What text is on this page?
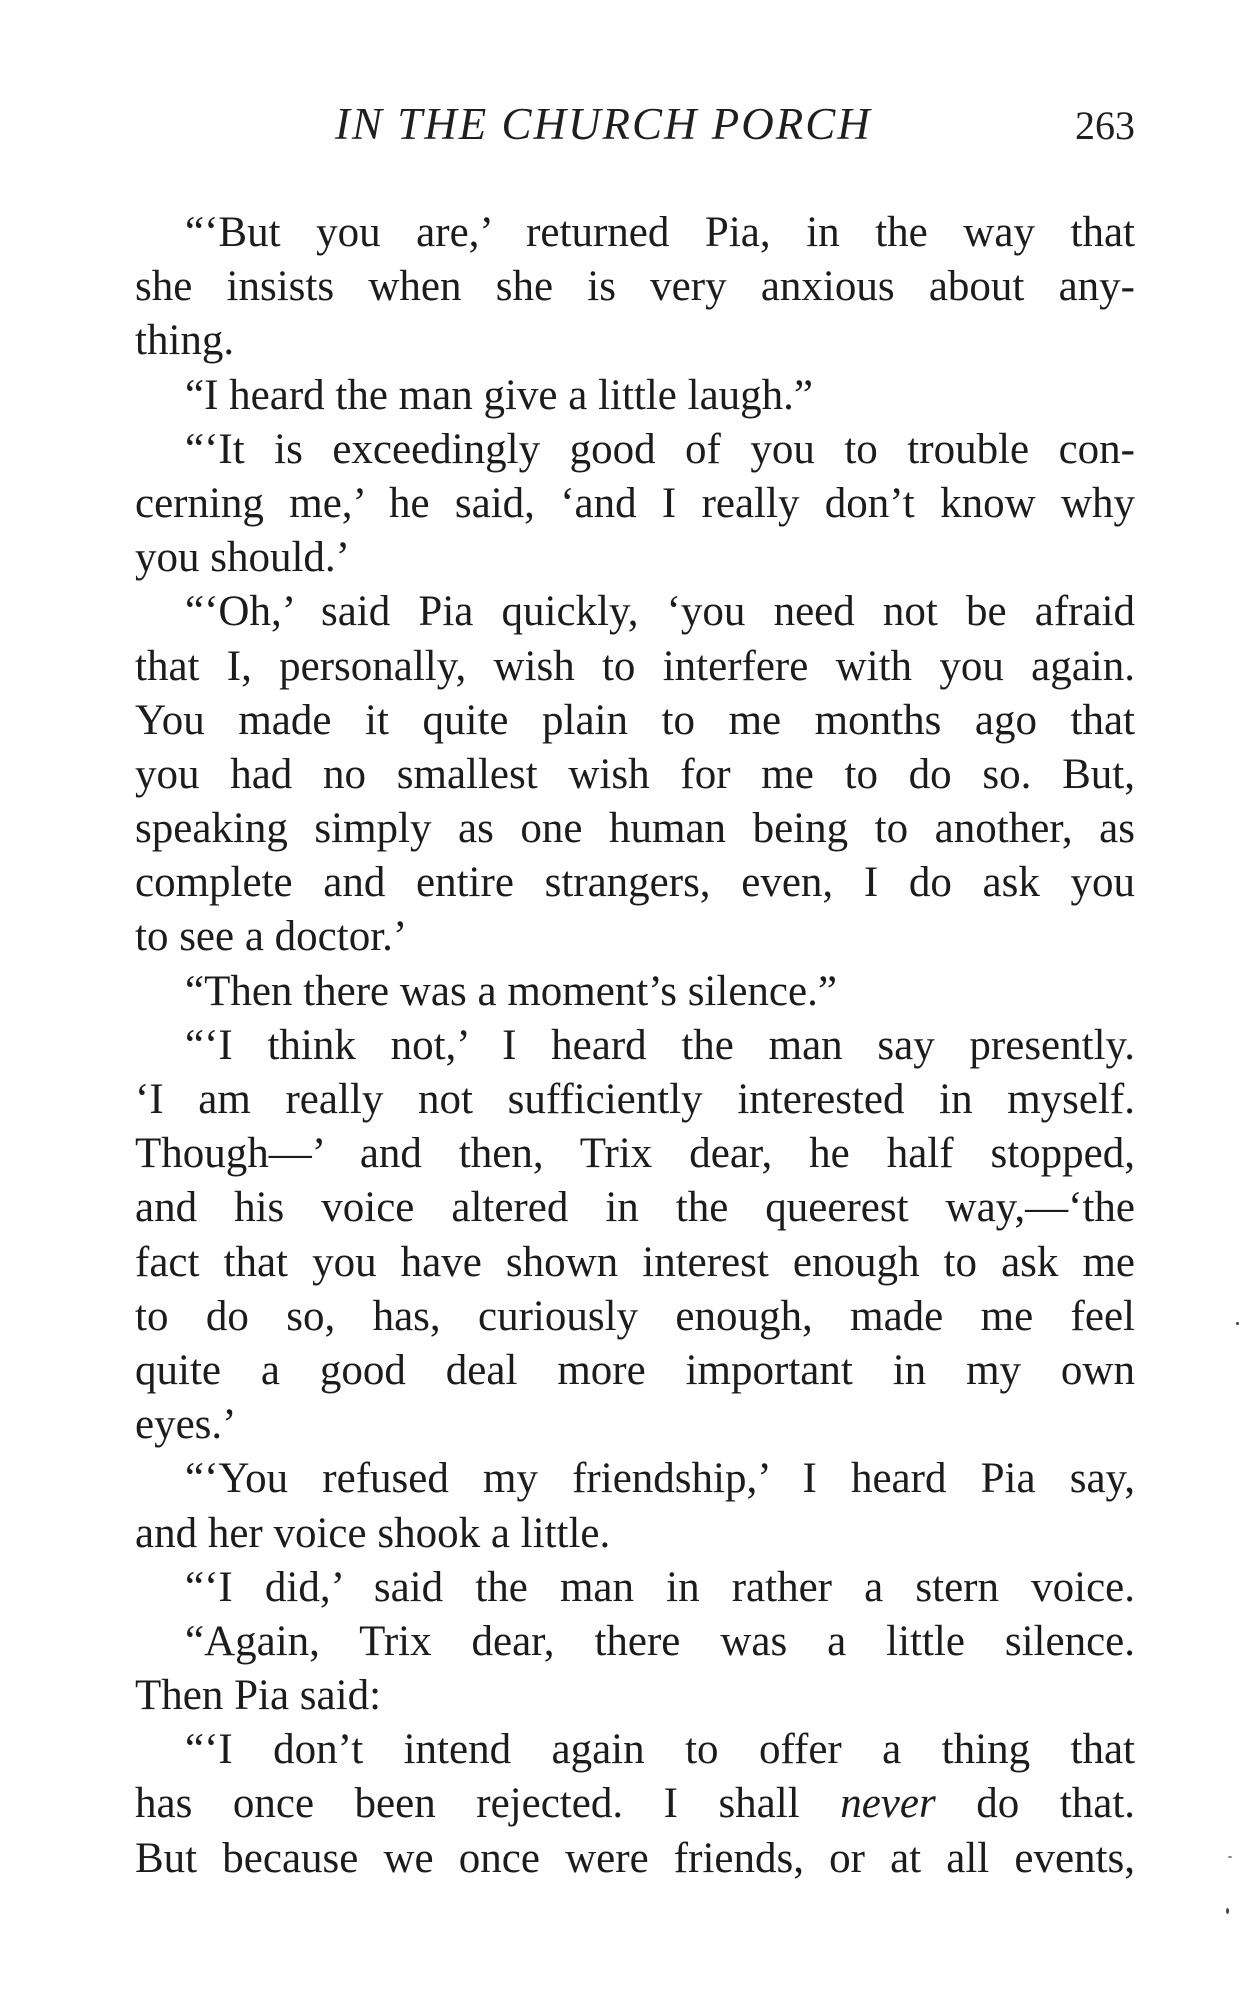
IN THE CHURCH PORCH	263
“‘But you are,’ returned Pia, in the way that
she insists when she is very anxious about any-
thing.
“I heard the man give a little laugh.”
“‘It is exceedingly good of you to trouble con-
cerning me,’ he said, ‘and I really don’t know why
you should.’
“‘Oh,’ said Pia quickly, ‘you need not be afraid
that I, personally, wish to interfere with you again.
You made it quite plain to me months ago that
you had no smallest wish for me to do so. But,
speaking simply as one human being to another, as
complete and entire strangers, even, I do ask you
to see a doctor.’
“Then there was a moment’s silence.”
“‘I think not,’ I heard the man say presently.
‘I am really not sufficiently interested in myself.
Though—’ and then, Trix dear, he half stopped,
and his voice altered in the queerest way,—‘the
fact that you have shown interest enough to ask me
to do so, has, curiously enough, made me feel
quite a good deal more important in my own
eyes.’
“‘You refused my friendship,’ I heard Pia say,
and her voice shook a little.
“‘I did,’ said the man in rather a stern voice.
“Again, Trix dear, there was a little silence.
Then Pia said:
“‘I don’t intend again to offer a thing that
has once been rejected. I shall never do that.
But because we once were friends, or at all events,
